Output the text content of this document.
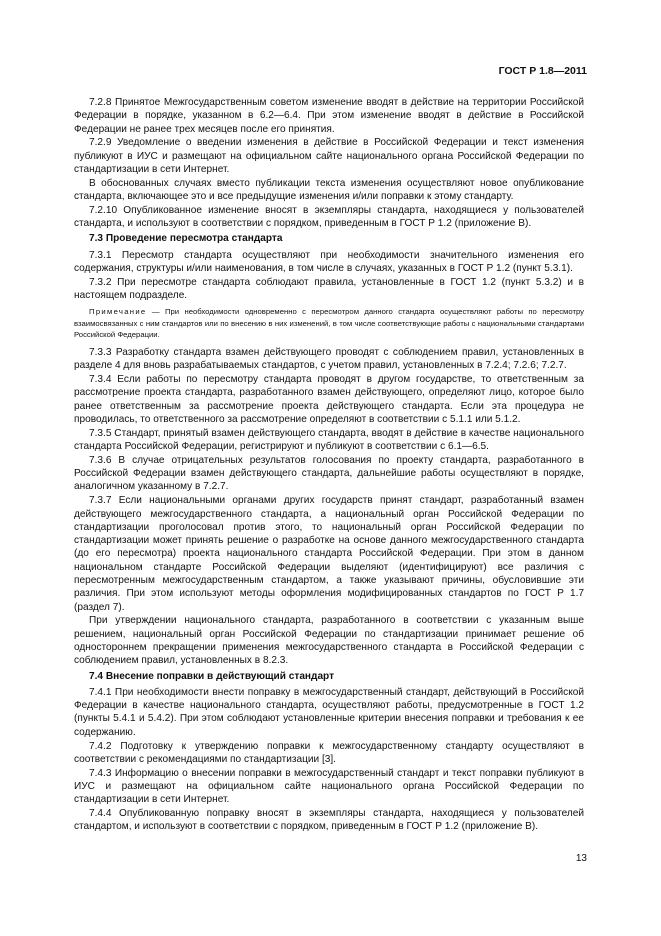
ГОСТ Р 1.8—2011

7.2.8 Принятое Межгосударственным советом изменение вводят в действие на территории Российской Федерации в порядке, указанном в 6.2—6.4. При этом изменение вводят в действие в Российской Федерации не ранее трех месяцев после его принятия.

7.2.9 Уведомление о введении изменения в действие в Российской Федерации и текст изменения публикуют в ИУС и размещают на официальном сайте национального органа Российской Федерации по стандартизации в сети Интернет.

В обоснованных случаях вместо публикации текста изменения осуществляют новое опубликование стандарта, включающее это и все предыдущие изменения и/или поправки к этому стандарту.

7.2.10 Опубликованное изменение вносят в экземпляры стандарта, находящиеся у пользователей стандарта, и используют в соответствии с порядком, приведенным в ГОСТ Р 1.2 (приложение В).

7.3 Проведение пересмотра стандарта

7.3.1 Пересмотр стандарта осуществляют при необходимости значительного изменения его содержания, структуры и/или наименования, в том числе в случаях, указанных в ГОСТ Р 1.2 (пункт 5.3.1).

7.3.2 При пересмотре стандарта соблюдают правила, установленные в ГОСТ 1.2 (пункт 5.3.2) и в настоящем подразделе.

Примечание — При необходимости одновременно с пересмотром данного стандарта осуществляют работы по пересмотру взаимосвязанных с ним стандартов или по внесению в них изменений, в том числе соответствующие работы с национальными стандартами Российской Федерации.

7.3.3 Разработку стандарта взамен действующего проводят с соблюдением правил, установленных в разделе 4 для вновь разрабатываемых стандартов, с учетом правил, установленных в 7.2.4; 7.2.6; 7.2.7.

7.3.4 Если работы по пересмотру стандарта проводят в другом государстве, то ответственным за рассмотрение проекта стандарта, разработанного взамен действующего, определяют лицо, которое было ранее ответственным за рассмотрение проекта действующего стандарта. Если эта процедура не проводилась, то ответственного за рассмотрение определяют в соответствии с 5.1.1 или 5.1.2.

7.3.5 Стандарт, принятый взамен действующего стандарта, вводят в действие в качестве национального стандарта Российской Федерации, регистрируют и публикуют в соответствии с 6.1—6.5.

7.3.6 В случае отрицательных результатов голосования по проекту стандарта, разработанного в Российской Федерации взамен действующего стандарта, дальнейшие работы осуществляют в порядке, аналогичном указанному в 7.2.7.

7.3.7 Если национальными органами других государств принят стандарт, разработанный взамен действующего межгосударственного стандарта, а национальный орган Российской Федерации по стандартизации проголосовал против этого, то национальный орган Российской Федерации по стандартизации может принять решение о разработке на основе данного межгосударственного стандарта (до его пересмотра) проекта национального стандарта Российской Федерации. При этом в данном национальном стандарте Российской Федерации выделяют (идентифицируют) все различия с пересмотренным межгосударственным стандартом, а также указывают причины, обусловившие эти различия. При этом используют методы оформления модифицированных стандартов по ГОСТ Р 1.7 (раздел 7).

При утверждении национального стандарта, разработанного в соответствии с указанным выше решением, национальный орган Российской Федерации по стандартизации принимает решение об одностороннем прекращении применения межгосударственного стандарта в Российской Федерации с соблюдением правил, установленных в 8.2.3.

7.4 Внесение поправки в действующий стандарт

7.4.1 При необходимости внести поправку в межгосударственный стандарт, действующий в Российской Федерации в качестве национального стандарта, осуществляют работы, предусмотренные в ГОСТ 1.2 (пункты 5.4.1 и 5.4.2). При этом соблюдают установленные критерии внесения поправки и требования к ее содержанию.

7.4.2 Подготовку к утверждению поправки к межгосударственному стандарту осуществляют в соответствии с рекомендациями по стандартизации [3].

7.4.3 Информацию о внесении поправки в межгосударственный стандарт и текст поправки публикуют в ИУС и размещают на официальном сайте национального органа Российской Федерации по стандартизации в сети Интернет.

7.4.4 Опубликованную поправку вносят в экземпляры стандарта, находящиеся у пользователей стандартом, и используют в соответствии с порядком, приведенным в ГОСТ Р 1.2 (приложение В).

13
